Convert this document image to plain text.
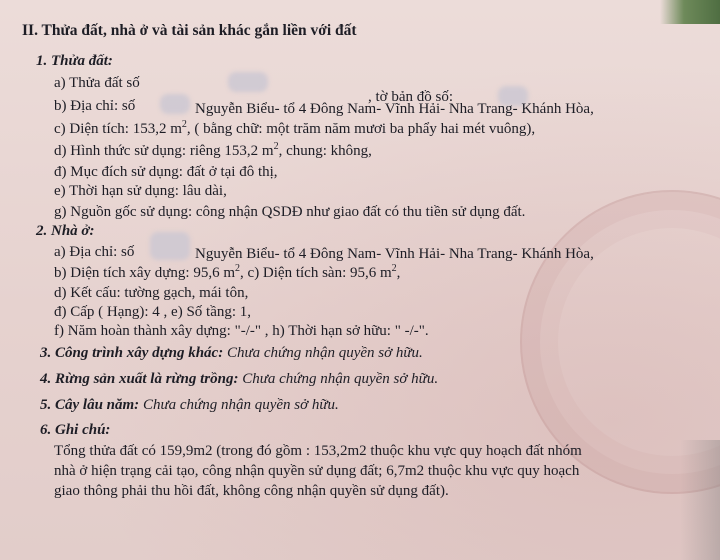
II. Thửa đất, nhà ở và tài sản khác gắn liền với đất
1. Thửa đất:
a) Thửa đất số
, tờ bản đồ số:
b) Địa chỉ: số	Nguyễn Biểu- tổ 4 Đông Nam- Vĩnh Hải- Nha Trang- Khánh Hòa,
c) Diện tích: 153,2 $m^2$, ( bằng chữ: một trăm năm mươi ba phẩy hai mét vuông),
d) Hình thức sử dụng: riêng 153,2 $m^2$, chung: không,
đ) Mục đích sử dụng: đất ở tại đô thị,
e) Thời hạn sử dụng: lâu dài,
g) Nguồn gốc sử dụng: công nhận QSDĐ như giao đất có thu tiền sử dụng đất.
2. Nhà ở:
a) Địa chỉ: số	Nguyễn Biểu- tổ 4 Đông Nam- Vĩnh Hải- Nha Trang- Khánh Hòa,
b) Diện tích xây dựng: 95,6 $m^2$, c) Diện tích sàn: 95,6 $m^2$,
d) Kết cấu: tường gạch, mái tôn,
đ) Cấp ( Hạng): 4 , e) Số tầng: 1,
f) Năm hoàn thành xây dựng: "-/-" , h) Thời hạn sở hữu: " -/-".
3. Công trình xây dựng khác: Chưa chứng nhận quyền sở hữu.
4. Rừng sản xuất là rừng trồng: Chưa chứng nhận quyền sở hữu.
5. Cây lâu năm: Chưa chứng nhận quyền sở hữu.
6. Ghi chú:
Tổng thửa đất có 159,9m2 (trong đó gồm : 153,2m2 thuộc khu vực quy hoạch đất nhóm
nhà ở hiện trạng cải tạo, công nhận quyền sử dụng đất; 6,7m2 thuộc khu vực quy hoạch
giao thông phải thu hồi đất, không công nhận quyền sử dụng đất).
